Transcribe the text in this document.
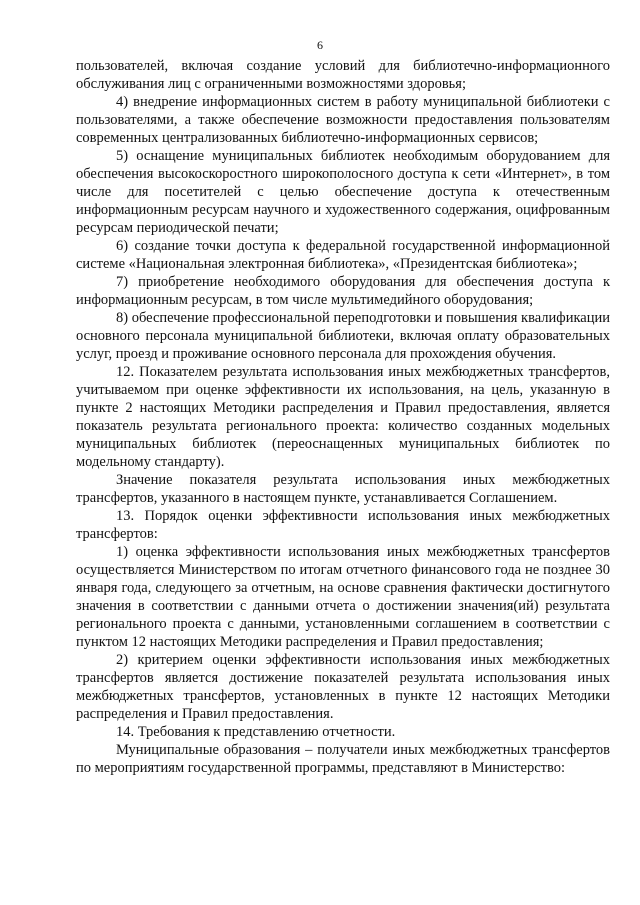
6

пользователей, включая создание условий для библиотечно-информационного обслуживания лиц с ограниченными возможностями здоровья;

4) внедрение информационных систем в работу муниципальной библиотеки с пользователями, а также обеспечение возможности предоставления пользователям современных централизованных библиотечно-информационных сервисов;

5) оснащение муниципальных библиотек необходимым оборудованием для обеспечения высокоскоростного широкополосного доступа к сети «Интернет», в том числе для посетителей с целью обеспечение доступа к отечественным информационным ресурсам научного и художественного содержания, оцифрованным ресурсам периодической печати;

6) создание точки доступа к федеральной государственной информационной системе «Национальная электронная библиотека», «Президентская библиотека»;

7) приобретение необходимого оборудования для обеспечения доступа к информационным ресурсам, в том числе мультимедийного оборудования;

8) обеспечение профессиональной переподготовки и повышения квалификации основного персонала муниципальной библиотеки, включая оплату образовательных услуг, проезд и проживание основного персонала для прохождения обучения.

12. Показателем результата использования иных межбюджетных трансфертов, учитываемом при оценке эффективности их использования, на цель, указанную в пункте 2 настоящих Методики распределения и Правил предоставления, является показатель результата регионального проекта: количество созданных модельных муниципальных библиотек (переоснащенных муниципальных библиотек по модельному стандарту).

Значение показателя результата использования иных межбюджетных трансфертов, указанного в настоящем пункте, устанавливается Соглашением.

13. Порядок оценки эффективности использования иных межбюджетных трансфертов:

1) оценка эффективности использования иных межбюджетных трансфертов осуществляется Министерством по итогам отчетного финансового года не позднее 30 января года, следующего за отчетным, на основе сравнения фактически достигнутого значения в соответствии с данными отчета о достижении значения(ий) результата регионального проекта с данными, установленными соглашением в соответствии с пунктом 12 настоящих Методики распределения и Правил предоставления;

2) критерием оценки эффективности использования иных межбюджетных трансфертов является достижение показателей результата использования иных межбюджетных трансфертов, установленных в пункте 12 настоящих Методики распределения и Правил предоставления.

14. Требования к представлению отчетности.

Муниципальные образования – получатели иных межбюджетных трансфертов по мероприятиям государственной программы, представляют в Министерство:
